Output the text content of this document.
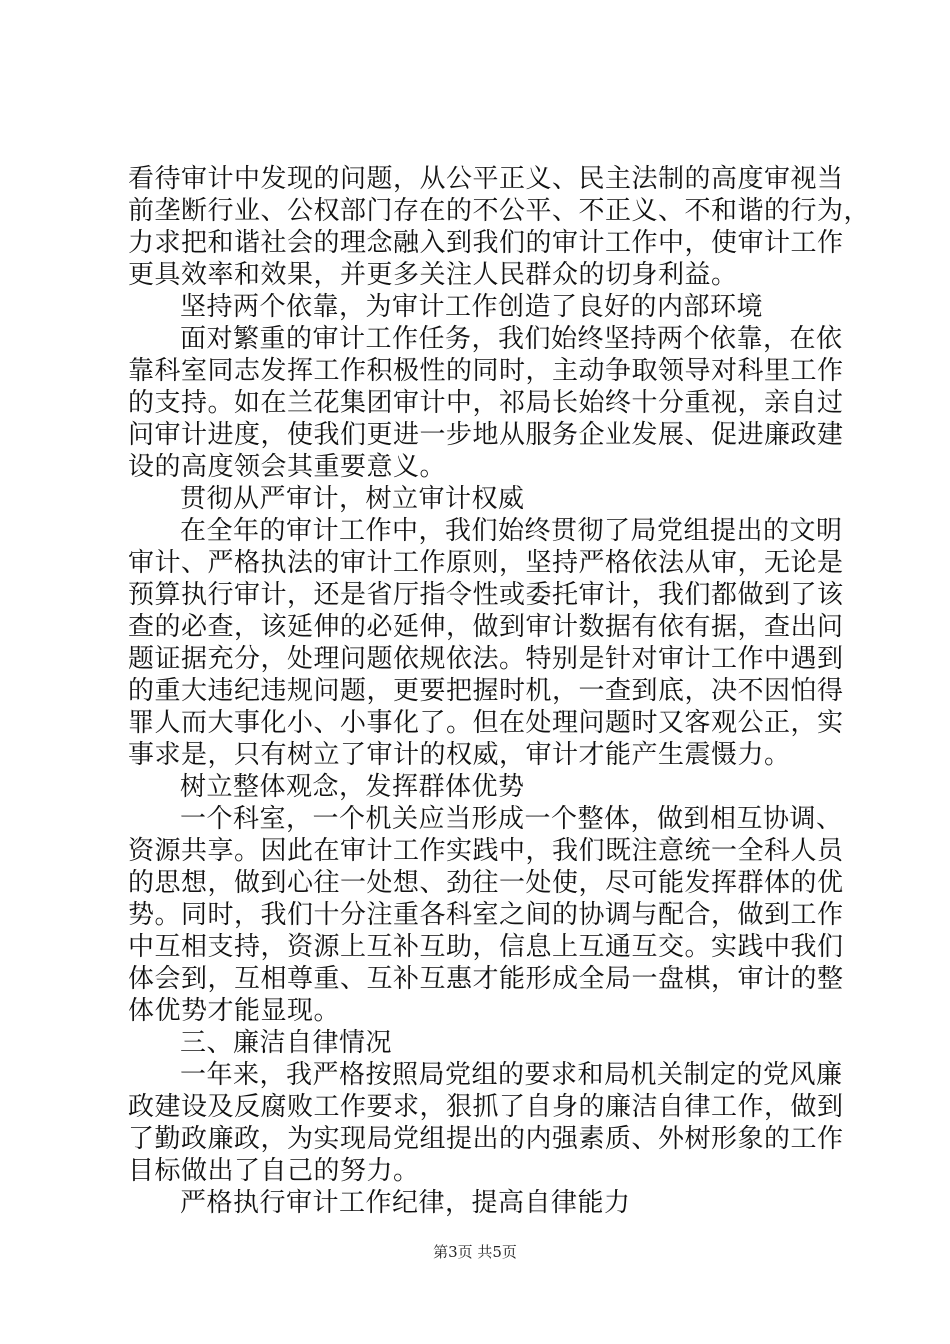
看待审计中发现的问题，从公平正义、民主法制的高度审视当
前垄断行业、公权部门存在的不公平、不正义、不和谐的行为，
力求把和谐社会的理念融入到我们的审计工作中，使审计工作
更具效率和效果，并更多关注人民群众的切身利益。
坚持两个依靠，为审计工作创造了良好的内部环境
面对繁重的审计工作任务，我们始终坚持两个依靠，在依
靠科室同志发挥工作积极性的同时，主动争取领导对科里工作
的支持。如在兰花集团审计中，祁局长始终十分重视，亲自过
问审计进度，使我们更进一步地从服务企业发展、促进廉政建
设的高度领会其重要意义。
贯彻从严审计，树立审计权威
在全年的审计工作中，我们始终贯彻了局党组提出的文明
审计、严格执法的审计工作原则，坚持严格依法从审，无论是
预算执行审计，还是省厅指令性或委托审计，我们都做到了该
查的必查，该延伸的必延伸，做到审计数据有依有据，查出问
题证据充分，处理问题依规依法。特别是针对审计工作中遇到
的重大违纪违规问题，更要把握时机，一查到底，决不因怕得
罪人而大事化小、小事化了。但在处理问题时又客观公正，实
事求是，只有树立了审计的权威，审计才能产生震慑力。
树立整体观念，发挥群体优势
一个科室，一个机关应当形成一个整体，做到相互协调、
资源共享。因此在审计工作实践中，我们既注意统一全科人员
的思想，做到心往一处想、劲往一处使，尽可能发挥群体的优
势。同时，我们十分注重各科室之间的协调与配合，做到工作
中互相支持，资源上互补互助，信息上互通互交。实践中我们
体会到，互相尊重、互补互惠才能形成全局一盘棋，审计的整
体优势才能显现。
三、廉洁自律情况
一年来，我严格按照局党组的要求和局机关制定的党风廉
政建设及反腐败工作要求，狠抓了自身的廉洁自律工作，做到
了勤政廉政，为实现局党组提出的内强素质、外树形象的工作
目标做出了自己的努力。
严格执行审计工作纪律，提高自律能力
第3页 共5页
